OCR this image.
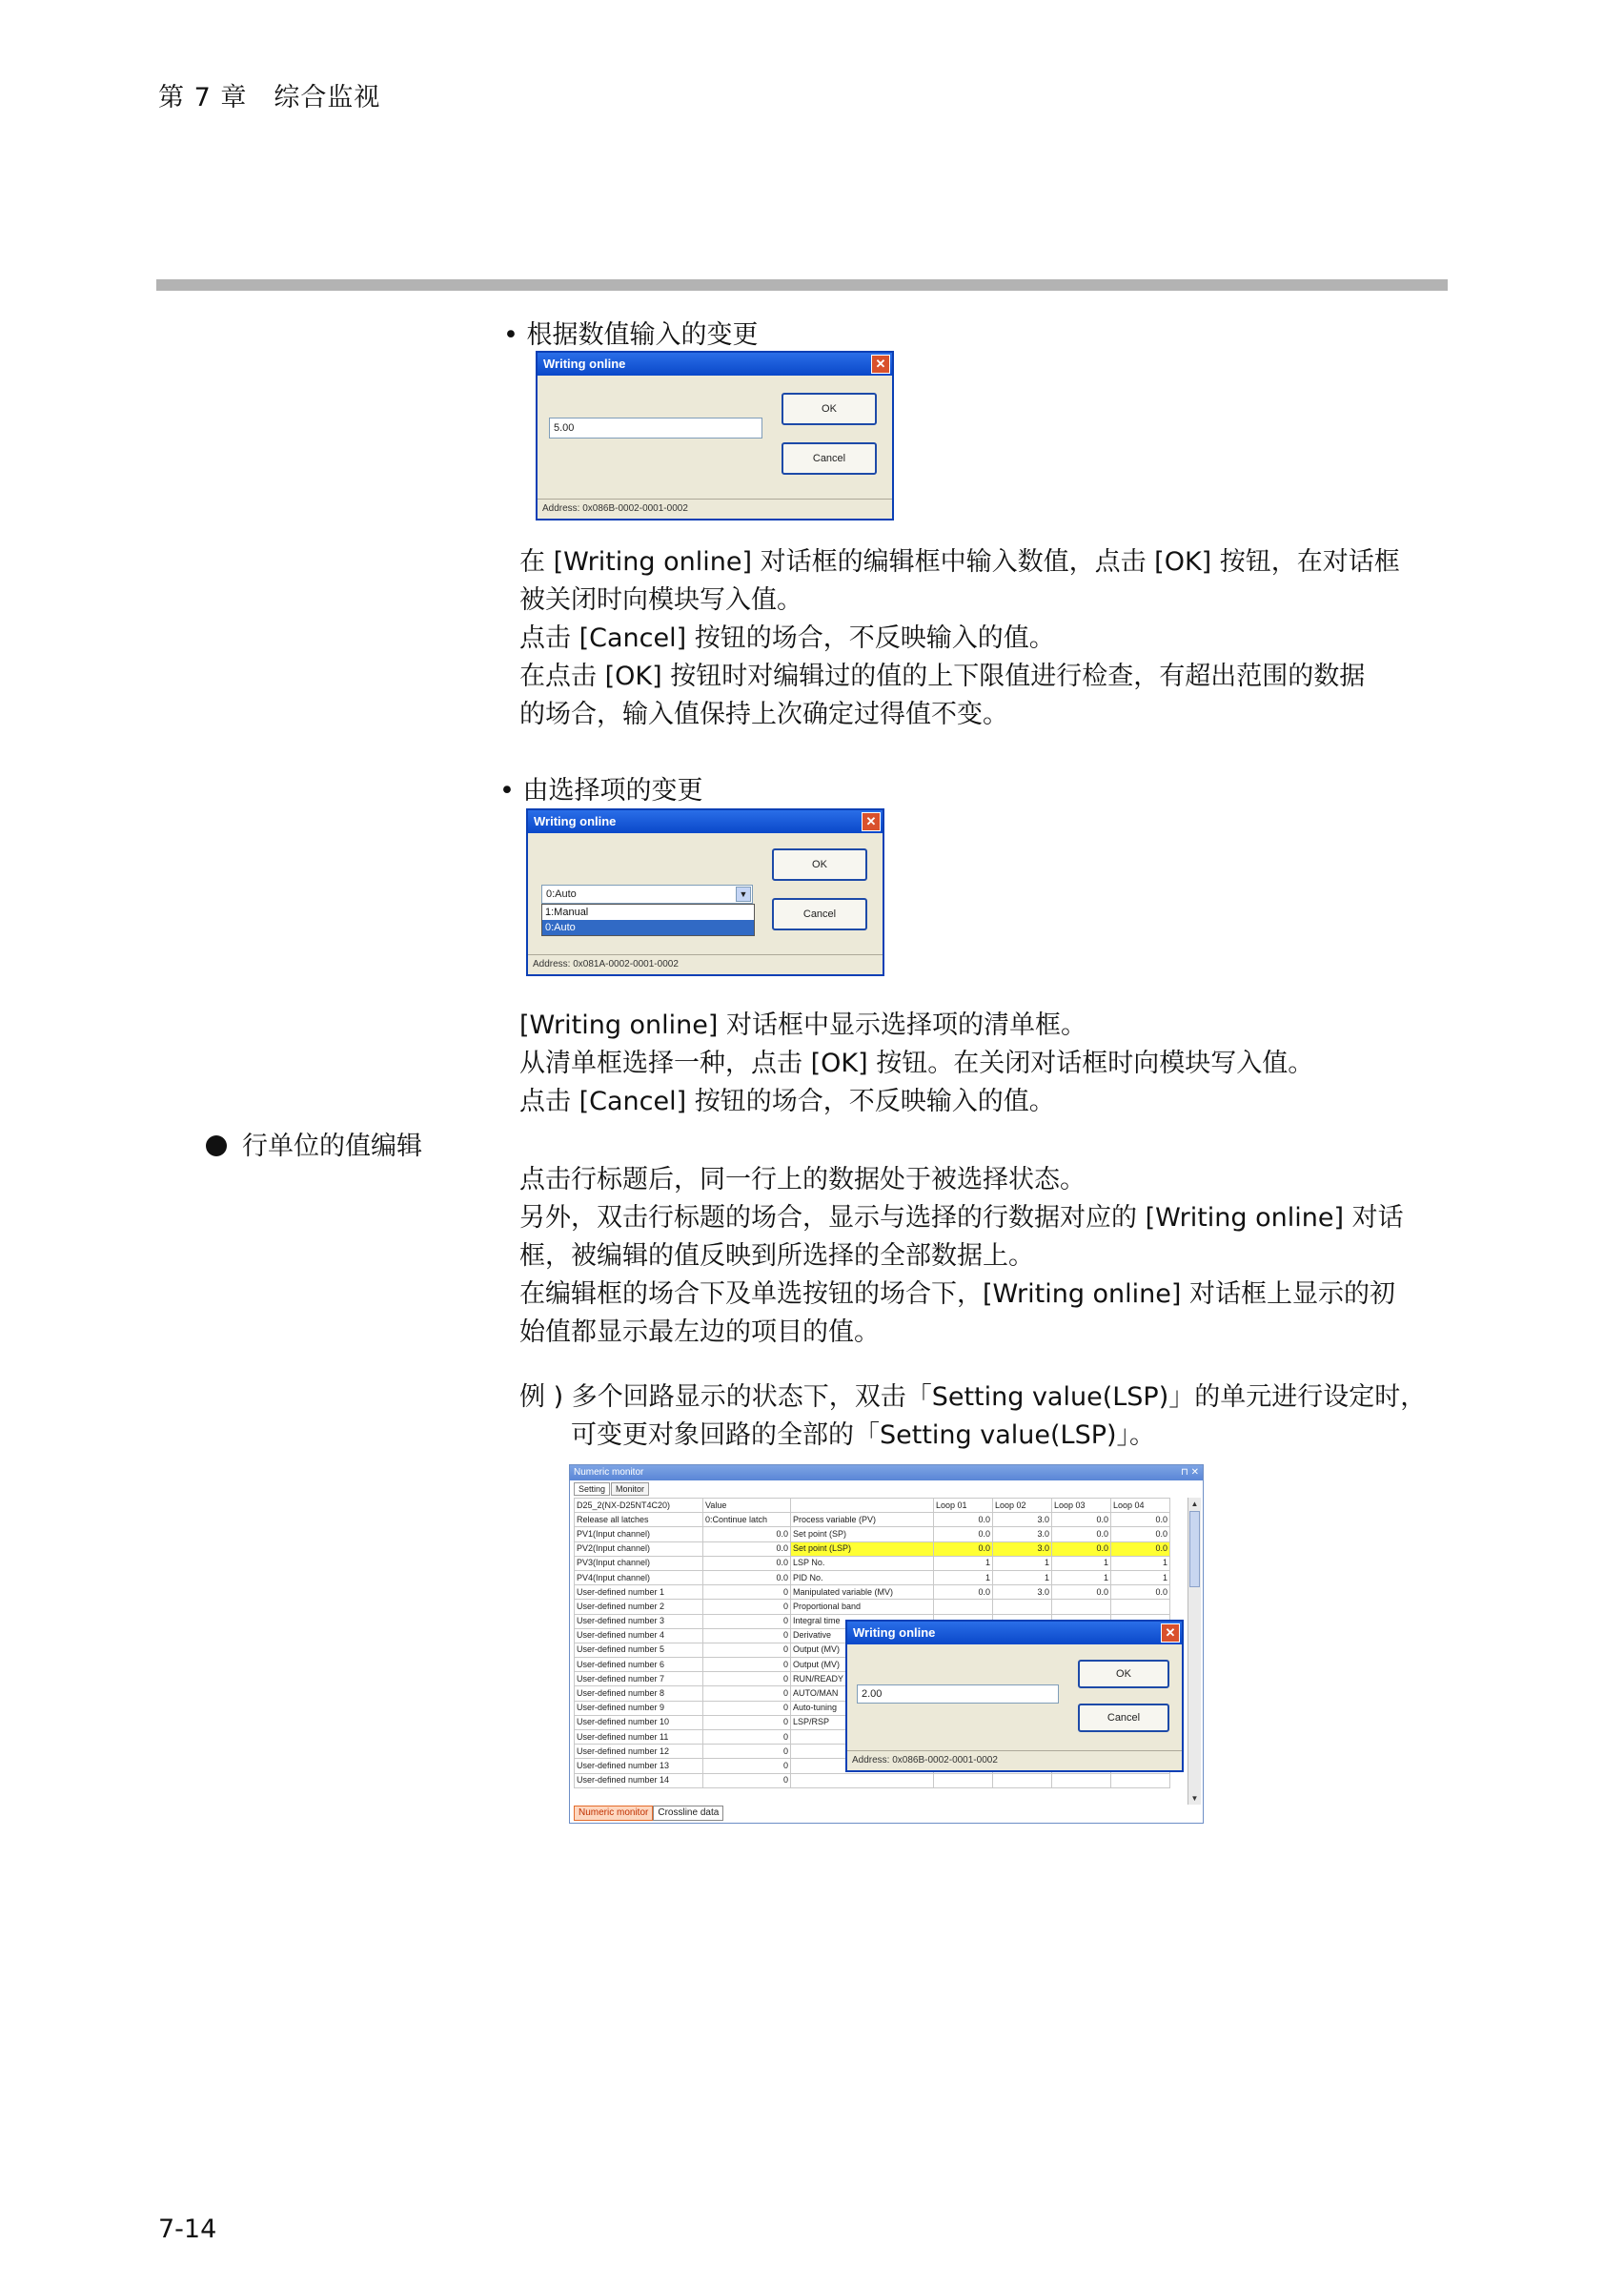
第 7 章　综合监视
• 根据数值输入的变更
Writing online	✕
OK
Cancel
5.00
Address: 0x086B-0002-0001-0002
在 [Writing online] 对话框的编辑框中输入数值，点击 [OK] 按钮，在对话框
被关闭时向模块写入值。
点击 [Cancel] 按钮的场合，不反映输入的值。
在点击 [OK] 按钮时对编辑过的值的上下限值进行检查，有超出范围的数据
的场合，输入值保持上次确定过得值不变。
• 由选择项的变更
Writing online	✕
OK
Cancel
0:Auto	▼
1:Manual
0:Auto
Address: 0x081A-0002-0001-0002
[Writing online] 对话框中显示选择项的清单框。
从清单框选择一种，点击 [OK] 按钮。在关闭对话框时向模块写入值。
点击 [Cancel] 按钮的场合，不反映输入的值。
行单位的值编辑
点击行标题后，同一行上的数据处于被选择状态。
另外，双击行标题的场合，显示与选择的行数据对应的 [Writing online] 对话
框，被编辑的值反映到所选择的全部数据上。
在编辑框的场合下及单选按钮的场合下，[Writing online] 对话框上显示的初
始值都显示最左边的项目的值。
例 ) 多个回路显示的状态下，双击「Setting value(LSP)」的单元进行设定时，
可变更对象回路的全部的「Setting value(LSP)」。
Numeric monitor	⊓ ✕
Setting Monitor
D25_2(NX-D25NT4C20)	Value		Loop 01	Loop 02	Loop 03	Loop 04
Release all latches	0:Continue latch	Process variable (PV)	0.0	3.0	0.0	0.0
PV1(Input channel)	0.0	Set point (SP)	0.0	3.0	0.0	0.0
PV2(Input channel)	0.0	Set point (LSP)	0.0	3.0	0.0	0.0
PV3(Input channel)	0.0	LSP No.	1	1	1	1
PV4(Input channel)	0.0	PID No.	1	1	1	1
User-defined number 1	0	Manipulated variable (MV)	0.0	3.0	0.0	0.0
User-defined number 2	0	Proportional band				
User-defined number 3	0	Integral time				
User-defined number 4	0	Derivative				
User-defined number 5	0	Output (MV)				
User-defined number 6	0	Output (MV)				
User-defined number 7	0	RUN/READY				
User-defined number 8	0	AUTO/MAN				
User-defined number 9	0	Auto-tuning				
User-defined number 10	0	LSP/RSP				
User-defined number 11	0					
User-defined number 12	0					
User-defined number 13	0					
User-defined number 14	0					
▲
▼
Numeric monitor Crossline data
Writing online	✕
OK
Cancel
2.00
Address: 0x086B-0002-0001-0002
7-14
